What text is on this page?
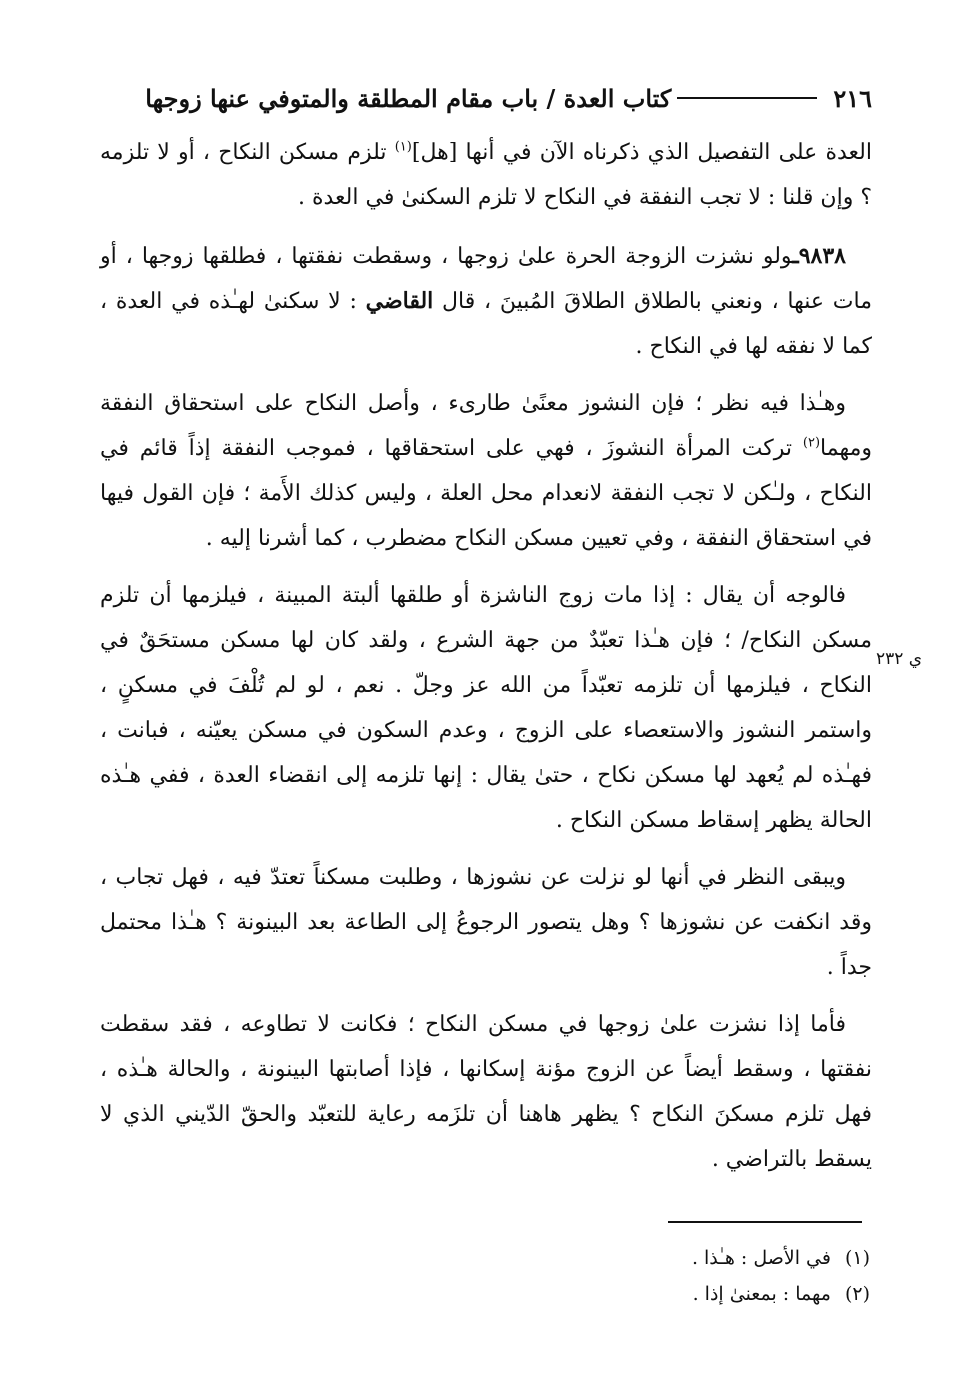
٢١٦
كتاب العدة / باب مقام المطلقة والمتوفي عنها زوجها

العدة على التفصيل الذي ذكرناه الآن في أنها [هل]$^{(١)}$ تلزم مسكن النكاح ، أو لا تلزمه ؟ وإن قلنا : لا تجب النفقة في النكاح لا تلزم السكنىٰ في العدة .

٩٨٣٨ـولو نشزت الزوجة الحرة علىٰ زوجها ، وسقطت نفقتها ، فطلقها زوجها ، أو مات عنها ، ونعني بالطلاق الطلاقَ المُبينَ ، قال القاضي : لا سكنىٰ لهـٰذه في العدة ، كما لا نفقه لها في النكاح .

وهـٰذا فيه نظر ؛ فإن النشوز معنًىٰ طارىء ، وأصل النكاح على استحقاق النفقة ومهما$^{(٢)}$ تركت المرأة النشوزَ ، فهي على استحقاقها ، فموجب النفقة إذاً قائم في النكاح ، ولـٰكن لا تجب النفقة لانعدام محل العلة ، وليس كذلك الأَمة ؛ فإن القول فيها في استحقاق النفقة ، وفي تعيين مسكن النكاح مضطرب ، كما أشرنا إليه .

فالوجه أن يقال : إذا مات زوج الناشزة أو طلقها ألبتة المبينة ، فيلزمها أن تلزم مسكن النكاح/ ؛ فإن هـٰذا تعبّدٌ من جهة الشرع ، ولقد كان لها مسكن مستحَقٌ في النكاح ، فيلزمها أن تلزمه تعبّداً من الله عز وجلّ . نعم ، لو لم تُلْفَ في مسكنٍ ، واستمر النشوز والاستعصاء على الزوج ، وعدم السكون في مسكن يعيّنه ، فبانت ، فهـٰذه لم يُعهد لها مسكن نكاح ، حتىٰ يقال : إنها تلزمه إلى انقضاء العدة ، ففي هـٰذه الحالة يظهر إسقاط مسكن النكاح .

ويبقى النظر في أنها لو نزلت عن نشوزها ، وطلبت مسكناً تعتدّ فيه ، فهل تجاب ، وقد انكفت عن نشوزها ؟ وهل يتصور الرجوعُ إلى الطاعة بعد البينونة ؟ هـٰذا محتمل جداً .

فأما إذا نشزت علىٰ زوجها في مسكن النكاح ؛ فكانت لا تطاوعه ، فقد سقطت نفقتها ، وسقط أيضاً عن الزوج مؤنة إسكانها ، فإذا أصابتها البينونة ، والحالة هـٰذه ، فهل تلزم مسكنَ النكاح ؟ يظهر هاهنا أن تلزَمه رعاية للتعبّد والحقّ الدّيني الذي لا يسقط بالتراضي .

ي ٢٣٢
(١)في الأصل : هـٰذا .
(٢)مهما : بمعنىٰ إذا .
